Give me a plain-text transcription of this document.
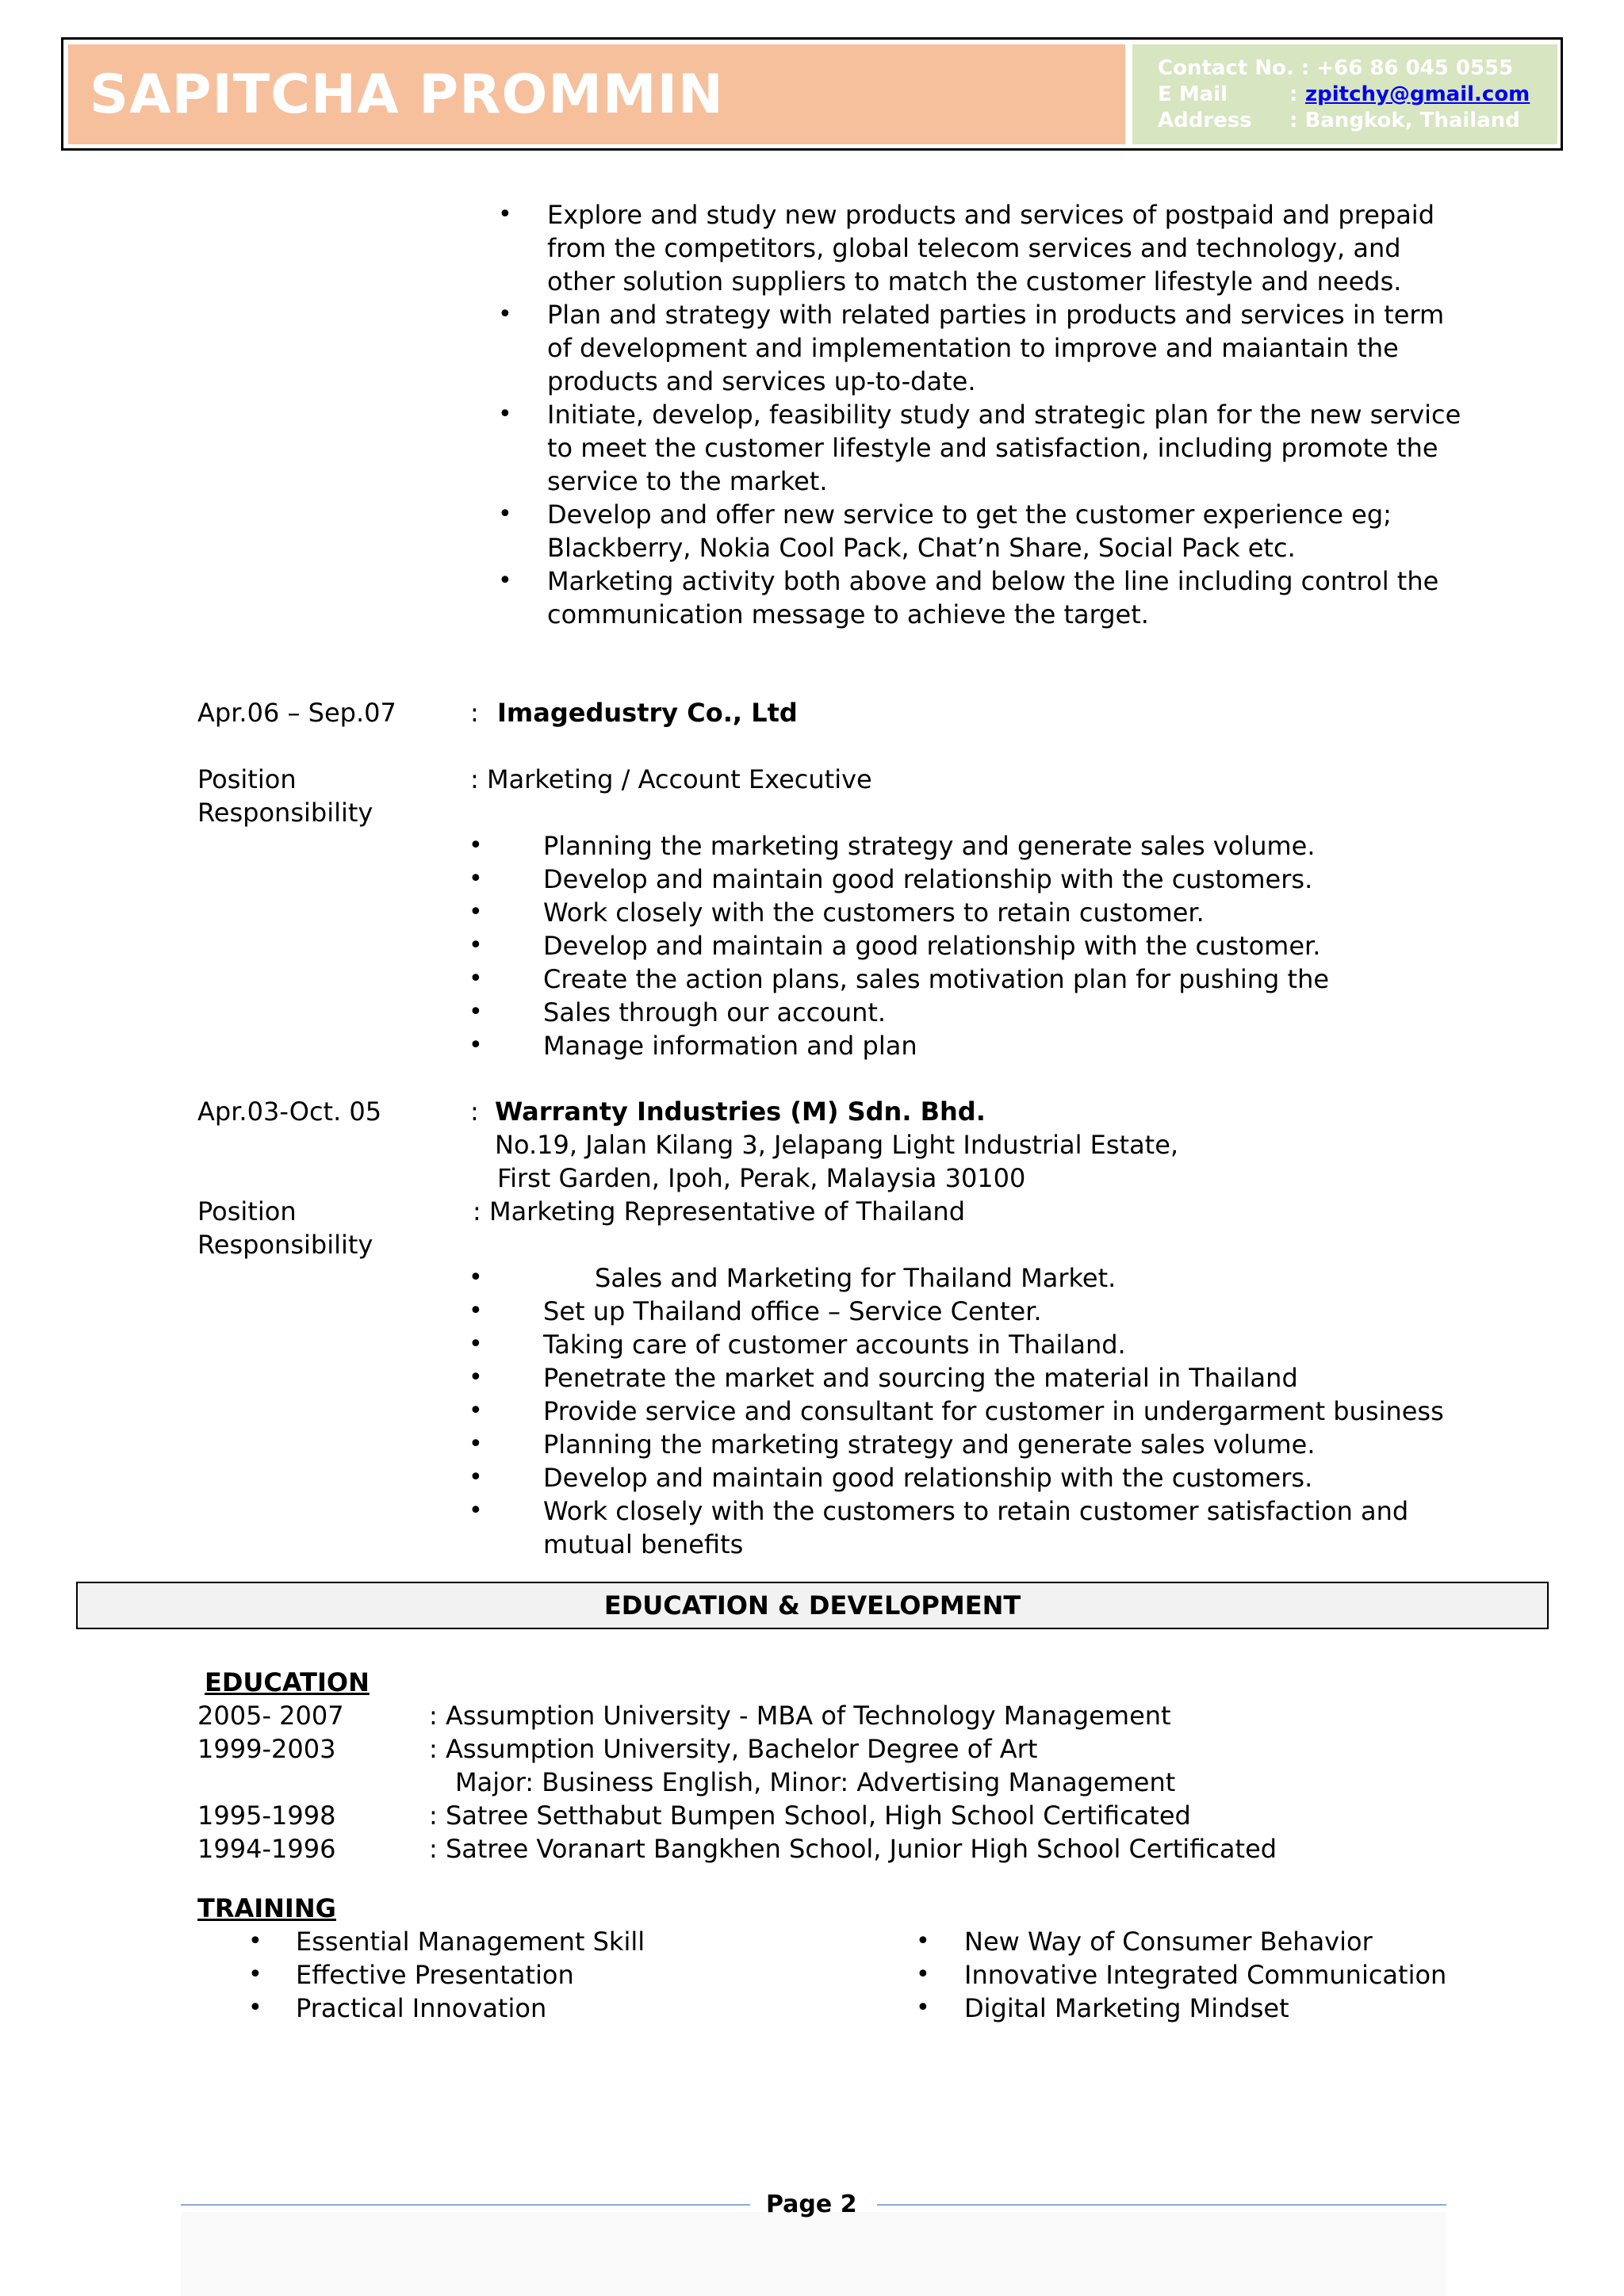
SAPITCHA PROMMIN	Contact No. : +66 86 045 0555
E Mail	: zpitchy@gmail.com
Address : Bangkok, Thailand
• Explore and study new products and services of postpaid and prepaid
from the competitors, global telecom services and technology, and
other solution suppliers to match the customer lifestyle and needs.
• Plan and strategy with related parties in products and services in term
of development and implementation to improve and maiantain the
products and services up-to-date.
• Initiate, develop, feasibility study and strategic plan for the new service
to meet the customer lifestyle and satisfaction, including promote the
service to the market.
• Develop and offer new service to get the customer experience eg;
Blackberry, Nokia Cool Pack, Chat’n Share, Social Pack etc.
• Marketing activity both above and below the line including control the
communication message to achieve the target.
Apr.06 – Sep.07	: Imagedustry Co., Ltd
Position	: Marketing / Account Executive
Responsibility
• Planning the marketing strategy and generate sales volume.
• Develop and maintain good relationship with the customers.
• Work closely with the customers to retain customer.
• Develop and maintain a good relationship with the customer.
• Create the action plans, sales motivation plan for pushing the
• Sales through our account.
• Manage information and plan
Apr.03-Oct. 05	: Warranty Industries (M) Sdn. Bhd.
No.19, Jalan Kilang 3, Jelapang Light Industrial Estate,
First Garden, Ipoh, Perak, Malaysia 30100
Position	: Marketing Representative of Thailand
Responsibility
•	Sales and Marketing for Thailand Market.
• Set up Thailand office – Service Center.
• Taking care of customer accounts in Thailand.
• Penetrate the market and sourcing the material in Thailand
• Provide service and consultant for customer in undergarment business
• Planning the marketing strategy and generate sales volume.
• Develop and maintain good relationship with the customers.
• Work closely with the customers to retain customer satisfaction and
mutual benefits
EDUCATION & DEVELOPMENT
EDUCATION
2005- 2007	: Assumption University - MBA of Technology Management
1999-2003	: Assumption University, Bachelor Degree of Art
Major: Business English, Minor: Advertising Management
1995-1998	: Satree Setthabut Bumpen School, High School Certificated
1994-1996	: Satree Voranart Bangkhen School, Junior High School Certificated
TRAINING
• Essential Management Skill
• Effective Presentation
• Practical Innovation
• New Way of Consumer Behavior
• Innovative Integrated Communication
• Digital Marketing Mindset
Page 2
